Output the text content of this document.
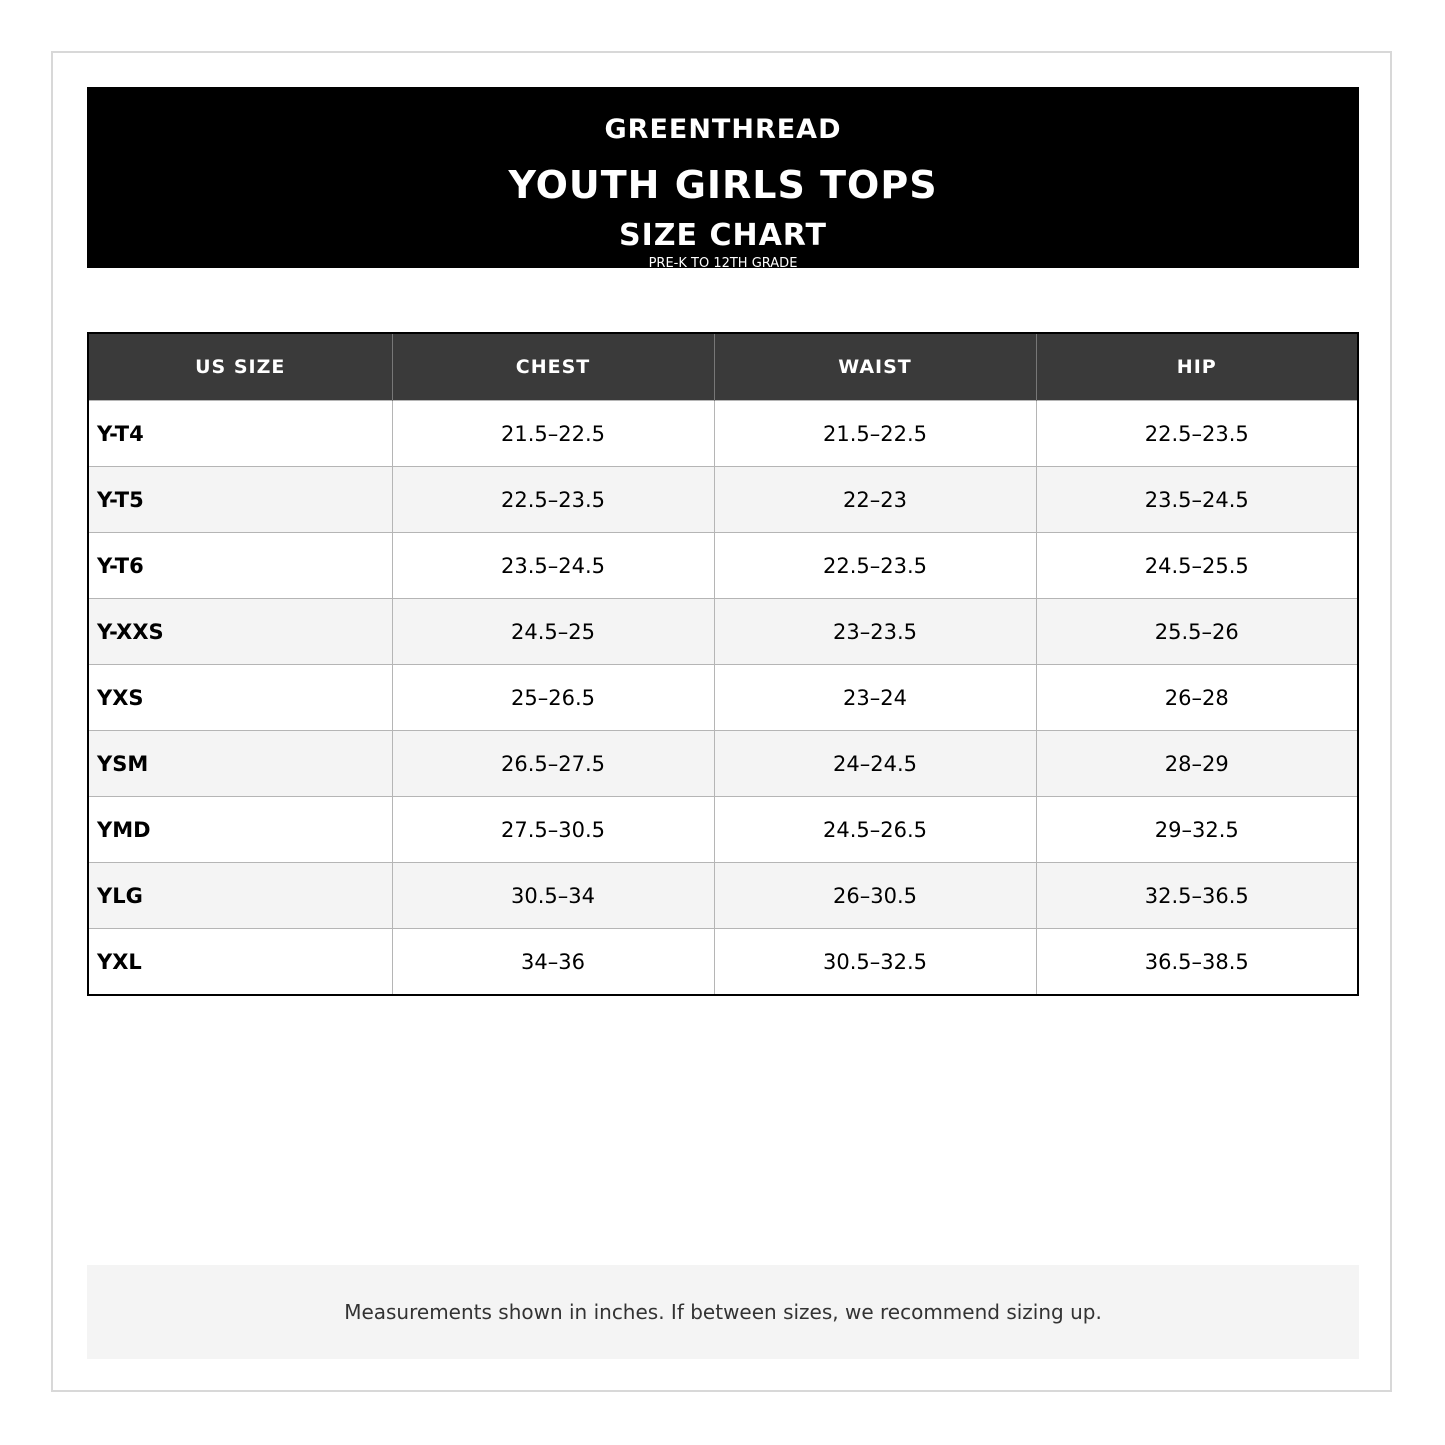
GREENTHREAD
YOUTH GIRLS TOPS
SIZE CHART
PRE-K TO 12TH GRADE
US SIZE	CHEST	WAIST	HIP
Y-T4	21.5–22.5	21.5–22.5	22.5–23.5
Y-T5	22.5–23.5	22–23	23.5–24.5
Y-T6	23.5–24.5	22.5–23.5	24.5–25.5
Y-XXS	24.5–25	23–23.5	25.5–26
YXS	25–26.5	23–24	26–28
YSM	26.5–27.5	24–24.5	28–29
YMD	27.5–30.5	24.5–26.5	29–32.5
YLG	30.5–34	26–30.5	32.5–36.5
YXL	34–36	30.5–32.5	36.5–38.5
Measurements shown in inches. If between sizes, we recommend sizing up.
